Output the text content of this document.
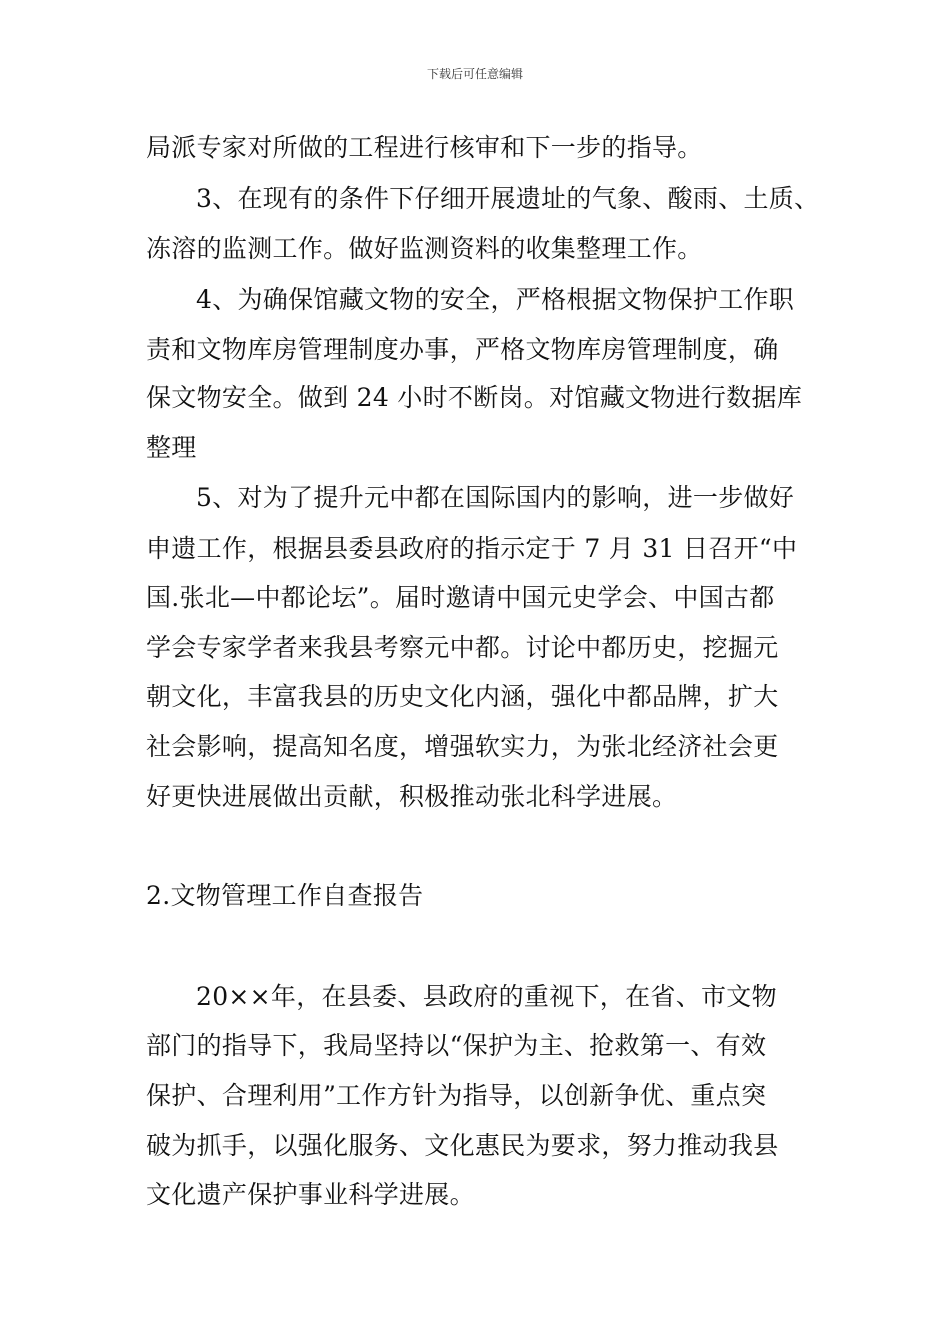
下载后可任意编辑
局派专家对所做的工程进行核审和下一步的指导。
3、在现有的条件下仔细开展遗址的气象、酸雨、土质、
冻溶的监测工作。做好监测资料的收集整理工作。
4、为确保馆藏文物的安全，严格根据文物保护工作职
责和文物库房管理制度办事，严格文物库房管理制度，确
保文物安全。做到 24 小时不断岗。对馆藏文物进行数据库
整理
5、对为了提升元中都在国际国内的影响，进一步做好
申遗工作，根据县委县政府的指示定于 7 月 31 日召开“中
国.张北—中都论坛”。届时邀请中国元史学会、中国古都
学会专家学者来我县考察元中都。讨论中都历史，挖掘元
朝文化，丰富我县的历史文化内涵，强化中都品牌，扩大
社会影响，提高知名度，增强软实力，为张北经济社会更
好更快进展做出贡献，积极推动张北科学进展。
2.文物管理工作自查报告
20××年，在县委、县政府的重视下，在省、市文物
部门的指导下，我局坚持以“保护为主、抢救第一、有效
保护、合理利用”工作方针为指导，以创新争优、重点突
破为抓手，以强化服务、文化惠民为要求，努力推动我县
文化遗产保护事业科学进展。
